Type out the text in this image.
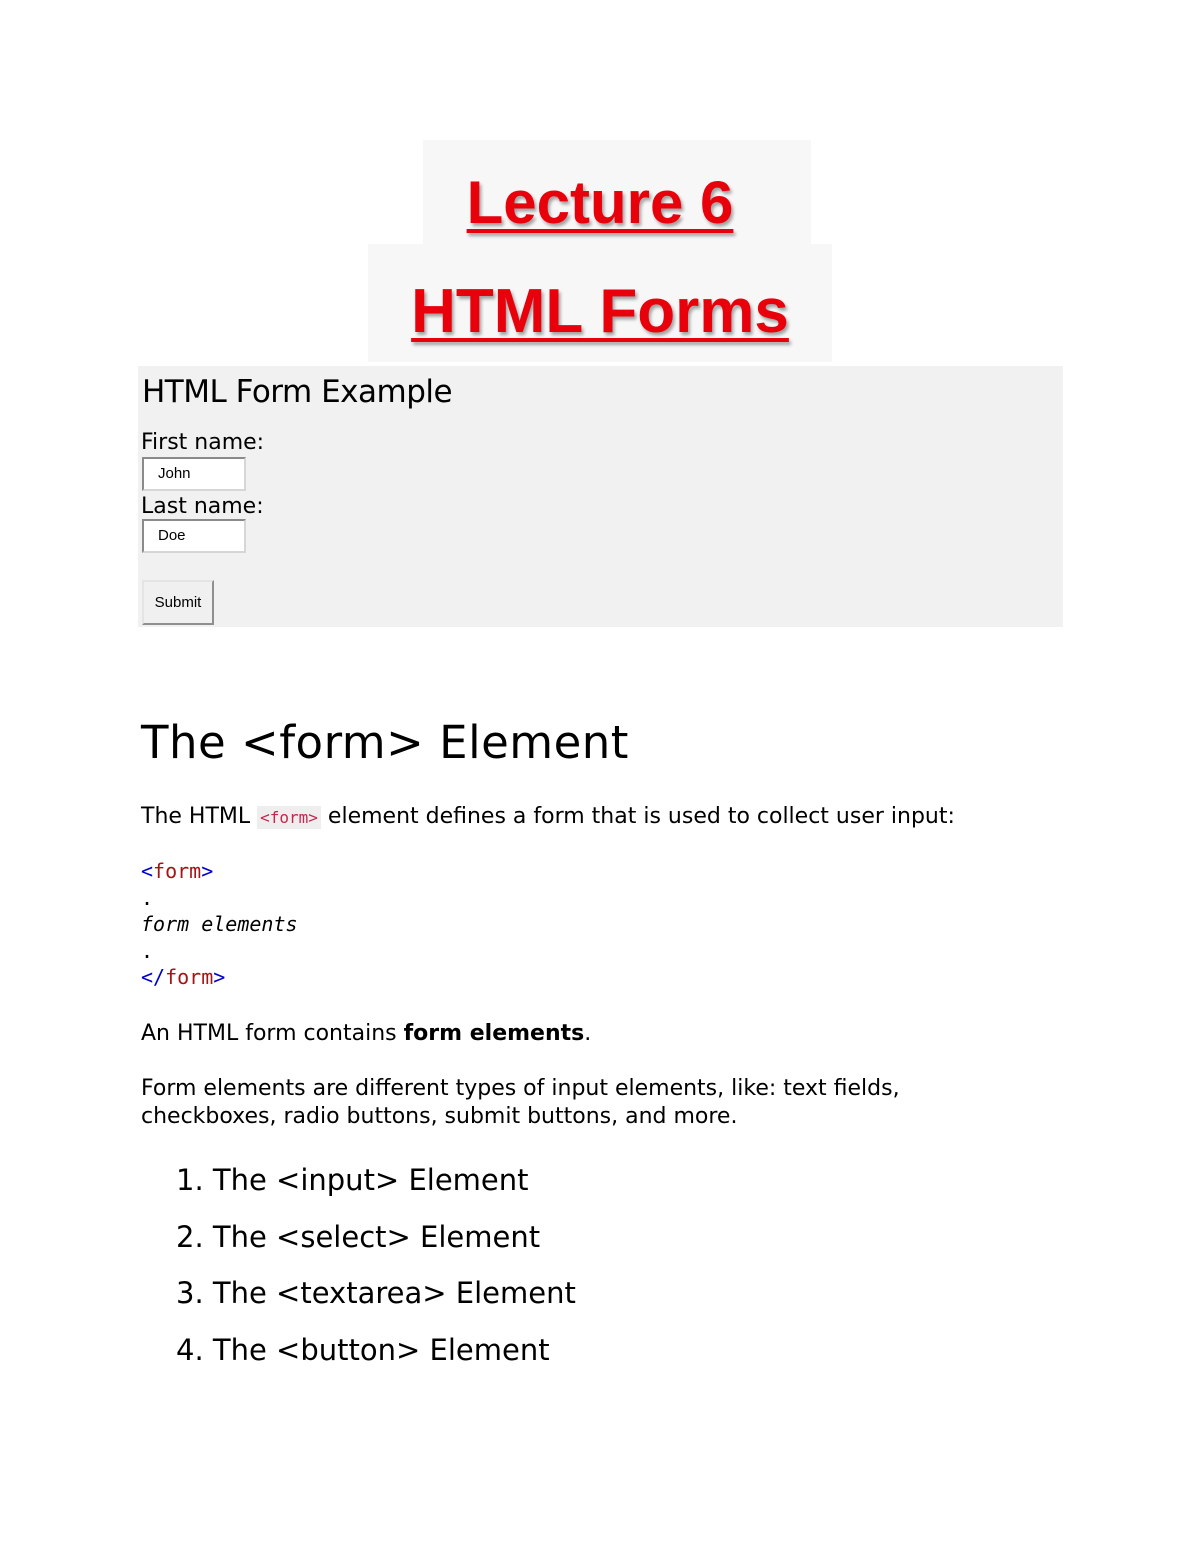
Lecture 6
HTML Forms
HTML Form Example
First name:
John
Last name:
Doe
Submit
The <form> Element

The HTML <form> element defines a form that is used to collect user input:

<form>
.
form elements
.
</form>

An HTML form contains form elements.

Form elements are different types of input elements, like: text fields,
checkboxes, radio buttons, submit buttons, and more.

1. The <input> Element
2. The <select> Element
3. The <textarea> Element
4. The <button> Element
